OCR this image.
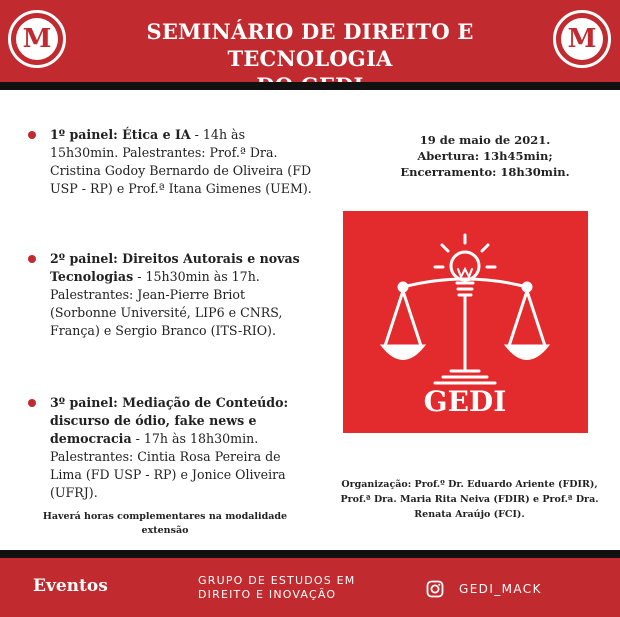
M	SEMINÁRIO DE DIREITO E TECNOLOGIA
M
1º painel: Ética e IA - 14h às 15h30min. Palestrantes: Prof.ª Dra. Cristina Godoy Bernardo de Oliveira (FD USP - RP) e Prof.ª Itana Gimenes (UEM).
2º painel: Direitos Autorais e novas Tecnologias - 15h30min às 17h. Palestrantes: Jean-Pierre Briot (Sorbonne Université, LIP6 e CNRS, França) e Sergio Branco (ITS-RIO).
3º painel: Mediação de Conteúdo: discurso de ódio, fake news e democracia - 17h às 18h30min. Palestrantes: Cintia Rosa Pereira de Lima (FD USP - RP) e Jonice Oliveira (UFRJ).
Haverá horas complementares na modalidade extensão
19 de maio de 2021.
Abertura: 13h45min;
Encerramento: 18h30min.
GEDI
Organização: Prof.º Dr. Eduardo Ariente (FDIR), Prof.ª Dra. Maria Rita Neiva (FDIR) e Prof.ª Dra. Renata Araújo (FCI).
Eventos	GRUPO DE ESTUDOS EM
DIREITO E INOVAÇÃO	GEDI_MACK
